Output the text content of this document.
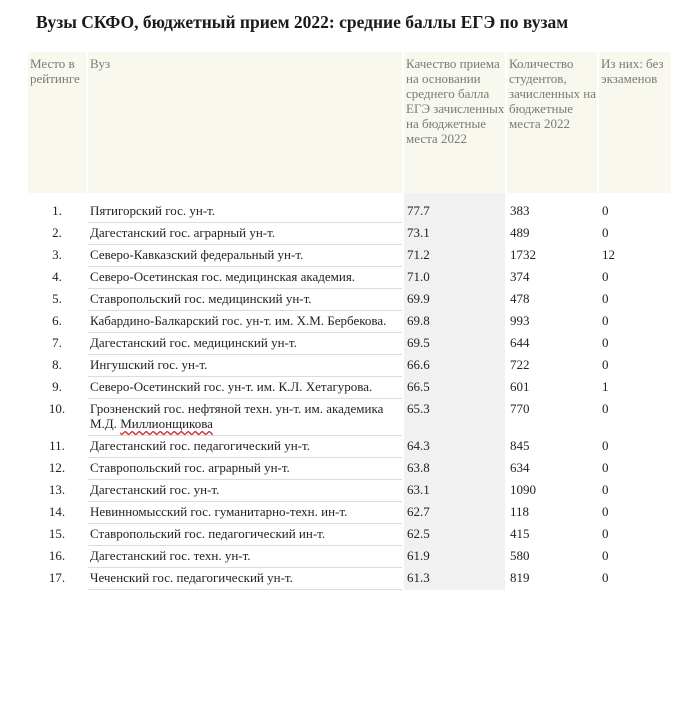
Вузы СКФО, бюджетный прием 2022: средние баллы ЕГЭ по вузам
Место в рейтинге	Вуз	Качество приема на основании среднего балла ЕГЭ зачисленных на бюджетные места 2022	Количество студентов, зачисленных на бюджетные места 2022	Из них: без экзаменов

1.	Пятигорский гос. ун-т.	77.7	383	0
2.	Дагестанский гос. аграрный ун-т.	73.1	489	0
3.	Северо-Кавказский федеральный ун-т.	71.2	1732	12
4.	Северо-Осетинская гос. медицинская академия.	71.0	374	0
5.	Ставропольский гос. медицинский ун-т.	69.9	478	0
6.	Кабардино-Балкарский гос. ун-т. им. Х.М. Бербекова.	69.8	993	0
7.	Дагестанский гос. медицинский ун-т.	69.5	644	0
8.	Ингушский гос. ун-т.	66.6	722	0
9.	Северо-Осетинский гос. ун-т. им. К.Л. Хетагурова.	66.5	601	1
10.	Грозненский гос. нефтяной техн. ун-т. им. академика М.Д. Миллионщикова	65.3	770	0
11.	Дагестанский гос. педагогический ун-т.	64.3	845	0
12.	Ставропольский гос. аграрный ун-т.	63.8	634	0
13.	Дагестанский гос. ун-т.	63.1	1090	0
14.	Невинномысский гос. гуманитарно-техн. ин-т.	62.7	118	0
15.	Ставропольский гос. педагогический ин-т.	62.5	415	0
16.	Дагестанский гос. техн. ун-т.	61.9	580	0
17.	Чеченский гос. педагогический ун-т.	61.3	819	0
